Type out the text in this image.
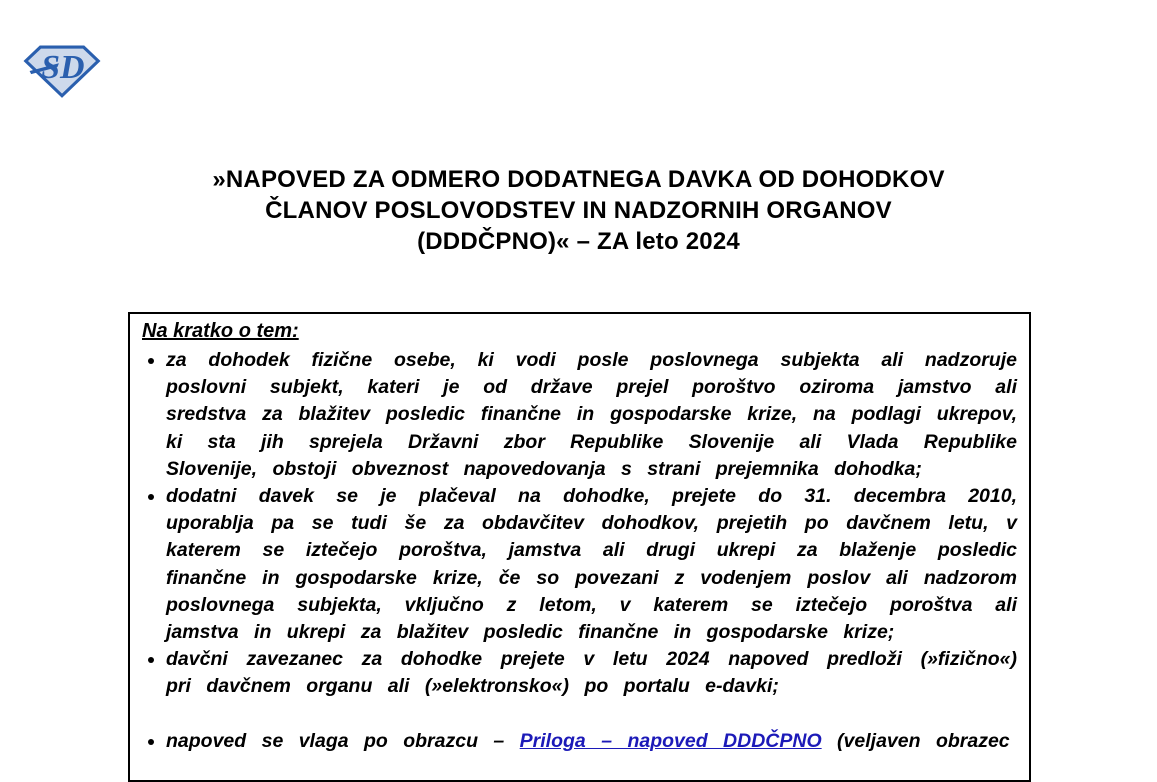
SD
»NAPOVED ZA ODMERO DODATNEGA DAVKA OD DOHODKOV
ČLANOV POSLOVODSTEV IN NADZORNIH ORGANOV
(DDDČPNO)« – ZA leto 2024
Na kratko o tem:
• za dohodek fizične osebe, ki vodi posle poslovnega subjekta ali nadzoruje poslovni subjekt, kateri je od države prejel poroštvo oziroma jamstvo ali sredstva za blažitev posledic finančne in gospodarske krize, na podlagi ukrepov, ki sta jih sprejela Državni zbor Republike Slovenije ali Vlada Republike Slovenije, obstoji obveznost napovedovanja s strani prejemnika dohodka;
• dodatni davek se je plačeval na dohodke, prejete do 31. decembra 2010, uporablja pa se tudi še za obdavčitev dohodkov, prejetih po davčnem letu, v katerem se iztečejo poroštva, jamstva ali drugi ukrepi za blaženje posledic finančne in gospodarske krize, če so povezani z vodenjem poslov ali nadzorom poslovnega subjekta, vključno z letom, v katerem se iztečejo poroštva ali jamstva in ukrepi za blažitev posledic finančne in gospodarske krize;
• davčni zavezanec za dohodke prejete v letu 2024 napoved predloži (»fizično«) pri davčnem organu ali (»elektronsko«) po portalu e-davki;
• napoved se vlaga po obrazcu – Priloga – napoved DDDČPNO (veljaven obrazec
